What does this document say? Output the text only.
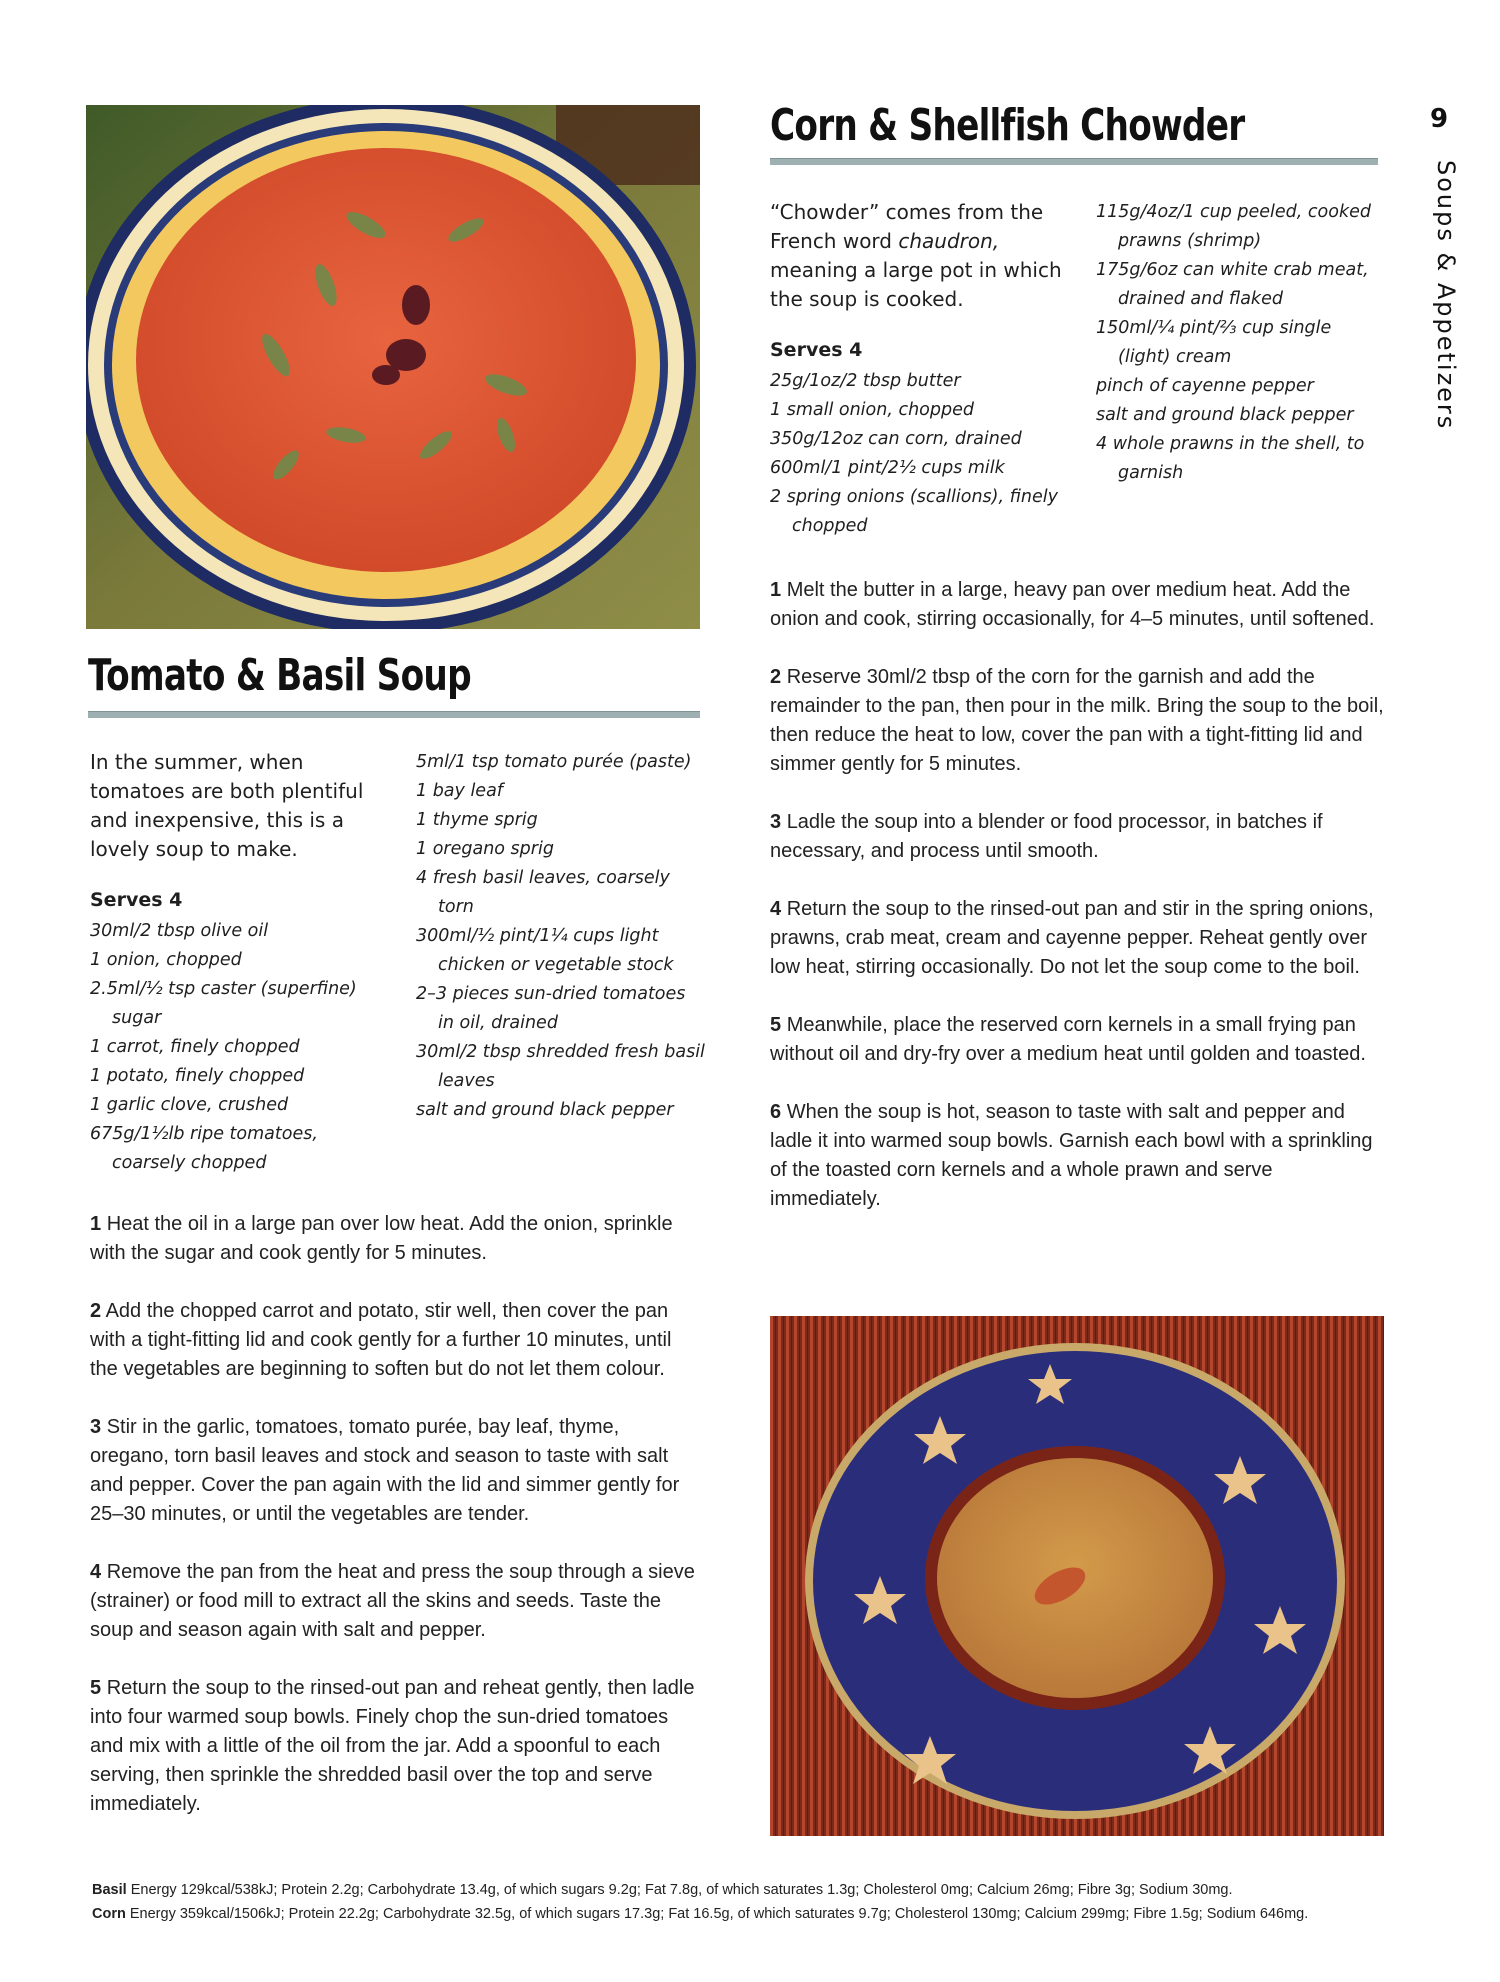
Tomato & Basil Soup
In the summer, when tomatoes are both plentiful and inexpensive, this is a lovely soup to make.
Serves 4
30ml/2 tbsp olive oil
1 onion, chopped
2.5ml/½ tsp caster (superfine) sugar
1 carrot, finely chopped
1 potato, finely chopped
1 garlic clove, crushed
675g/1½lb ripe tomatoes, coarsely chopped
5ml/1 tsp tomato purée (paste)
1 bay leaf
1 thyme sprig
1 oregano sprig
4 fresh basil leaves, coarsely torn
300ml/½ pint/1¼ cups light chicken or vegetable stock
2–3 pieces sun-dried tomatoes in oil, drained
30ml/2 tbsp shredded fresh basil leaves
salt and ground black pepper

1 Heat the oil in a large pan over low heat. Add the onion, sprinkle with the sugar and cook gently for 5 minutes.

2 Add the chopped carrot and potato, stir well, then cover the pan with a tight-fitting lid and cook gently for a further 10 minutes, until the vegetables are beginning to soften but do not let them colour.

3 Stir in the garlic, tomatoes, tomato purée, bay leaf, thyme, oregano, torn basil leaves and stock and season to taste with salt and pepper. Cover the pan again with the lid and simmer gently for 25–30 minutes, or until the vegetables are tender.

4 Remove the pan from the heat and press the soup through a sieve (strainer) or food mill to extract all the skins and seeds. Taste the soup and season again with salt and pepper.

5 Return the soup to the rinsed-out pan and reheat gently, then ladle into four warmed soup bowls. Finely chop the sun-dried tomatoes and mix with a little of the oil from the jar. Add a spoonful to each serving, then sprinkle the shredded basil over the top and serve immediately.

Corn & Shellfish Chowder
“Chowder” comes from the French word chaudron, meaning a large pot in which the soup is cooked.
Serves 4
25g/1oz/2 tbsp butter
1 small onion, chopped
350g/12oz can corn, drained
600ml/1 pint/2½ cups milk
2 spring onions (scallions), finely chopped
115g/4oz/1 cup peeled, cooked prawns (shrimp)
175g/6oz can white crab meat, drained and flaked
150ml/¼ pint/⅔ cup single (light) cream
pinch of cayenne pepper
salt and ground black pepper
4 whole prawns in the shell, to garnish

1 Melt the butter in a large, heavy pan over medium heat. Add the onion and cook, stirring occasionally, for 4–5 minutes, until softened.

2 Reserve 30ml/2 tbsp of the corn for the garnish and add the remainder to the pan, then pour in the milk. Bring the soup to the boil, then reduce the heat to low, cover the pan with a tight-fitting lid and simmer gently for 5 minutes.

3 Ladle the soup into a blender or food processor, in batches if necessary, and process until smooth.

4 Return the soup to the rinsed-out pan and stir in the spring onions, prawns, crab meat, cream and cayenne pepper. Reheat gently over low heat, stirring occasionally. Do not let the soup come to the boil.

5 Meanwhile, place the reserved corn kernels in a small frying pan without oil and dry-fry over a medium heat until golden and toasted.

6 When the soup is hot, season to taste with salt and pepper and ladle it into warmed soup bowls. Garnish each bowl with a sprinkling of the toasted corn kernels and a whole prawn and serve immediately.

9
Soups & Appetizers
Basil Energy 129kcal/538kJ; Protein 2.2g; Carbohydrate 13.4g, of which sugars 9.2g; Fat 7.8g, of which saturates 1.3g; Cholesterol 0mg; Calcium 26mg; Fibre 3g; Sodium 30mg.
Corn Energy 359kcal/1506kJ; Protein 22.2g; Carbohydrate 32.5g, of which sugars 17.3g; Fat 16.5g, of which saturates 9.7g; Cholesterol 130mg; Calcium 299mg; Fibre 1.5g; Sodium 646mg.
